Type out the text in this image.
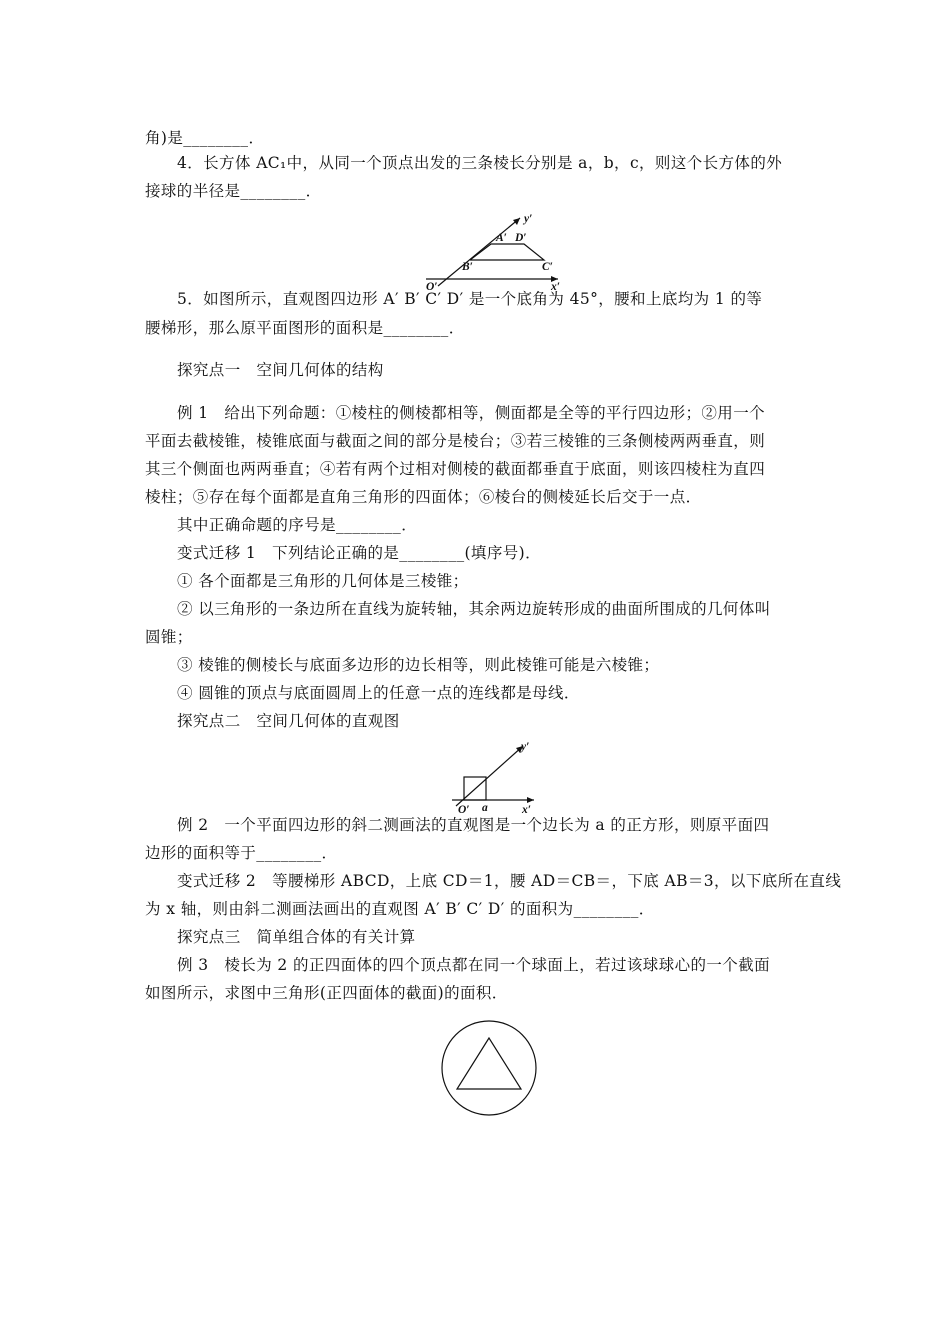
角)是________．
4．长方体 AC₁中，从同一个顶点出发的三条棱长分别是 a，b，c，则这个长方体的外
接球的半径是________．
y′
A′ D′
B′	C′
O′	x′
5．如图所示，直观图四边形 A′ B′ C′ D′ 是一个底角为 45°，腰和上底均为 1 的等
腰梯形，那么原平面图形的面积是________．
探究点一　空间几何体的结构
例 1　给出下列命题：①棱柱的侧棱都相等，侧面都是全等的平行四边形；②用一个
平面去截棱锥，棱锥底面与截面之间的部分是棱台；③若三棱锥的三条侧棱两两垂直，则
其三个侧面也两两垂直；④若有两个过相对侧棱的截面都垂直于底面，则该四棱柱为直四
棱柱；⑤存在每个面都是直角三角形的四面体；⑥棱台的侧棱延长后交于一点．
其中正确命题的序号是________．
变式迁移 1　下列结论正确的是________(填序号)．
① 各个面都是三角形的几何体是三棱锥；
② 以三角形的一条边所在直线为旋转轴，其余两边旋转形成的曲面所围成的几何体叫
圆锥；
③ 棱锥的侧棱长与底面多边形的边长相等，则此棱锥可能是六棱锥；
④ 圆锥的顶点与底面圆周上的任意一点的连线都是母线．
探究点二　空间几何体的直观图
y′
O′ a	x′
例 2　一个平面四边形的斜二测画法的直观图是一个边长为 a 的正方形，则原平面四
边形的面积等于________．
变式迁移 2　等腰梯形 ABCD，上底 CD＝1，腰 AD＝CB＝，下底 AB＝3，以下底所在直线
为 x 轴，则由斜二测画法画出的直观图 A′ B′ C′ D′ 的面积为________．
探究点三　简单组合体的有关计算
例 3　棱长为 2 的正四面体的四个顶点都在同一个球面上，若过该球球心的一个截面
如图所示，求图中三角形(正四面体的截面)的面积．
